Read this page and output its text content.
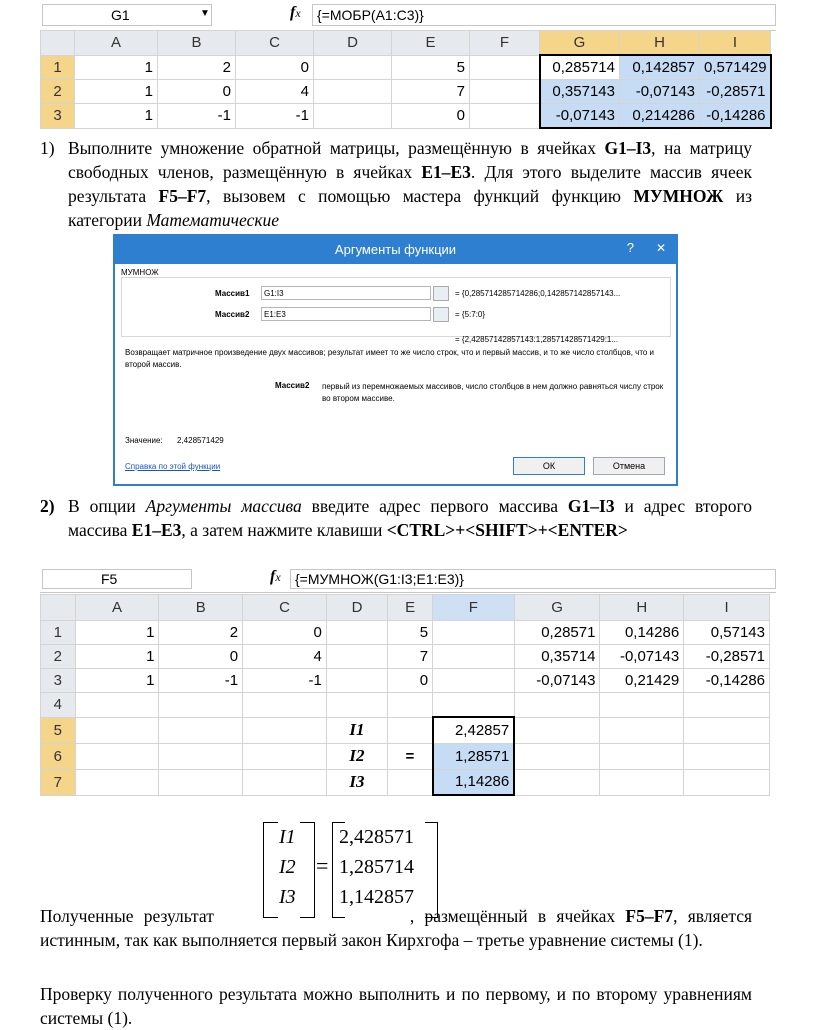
G1	▼	fx	{=МОБР(A1:C3)}
	A	B	C	D	E	F	G	H	I
1	1	2	0		5		0,285714	0,142857	0,571429
2	1	0	4		7		0,357143	-0,07143	-0,28571
3	1	-1	-1		0		-0,07143	0,214286	-0,14286
1) Выполните умножение обратной матрицы, размещённую в ячейках G1–I3, на матрицу свободных членов, размещённую в ячейках E1–E3. Для этого выделите массив ячеек результата F5–F7, вызовем с помощью мастера функций функцию МУМНОЖ из категории Математические
Аргументы функции	? ✕
МУМНОЖ
Массив1	G1:I3	= {0,285714285714286;0,142857142857143...
Массив2	E1:E3	= {5:7:0}
= {2,42857142857143:1,28571428571429:1...
Возвращает матричное произведение двух массивов; результат имеет то же число строк, что и первый массив, и то же число столбцов, что и второй массив.
Массив2 первый из перемножаемых массивов, число столбцов в нем должно равняться числу строк во втором массиве.
Значение: 2,428571429
Справка по этой функции	ОК	Отмена
2) В опции Аргументы массива введите адрес первого массива G1–I3 и адрес второго массива E1–E3, а затем нажмите клавиши <CTRL>+<SHIFT>+<ENTER>
F5	fx	{=МУМНОЖ(G1:I3;E1:E3)}
	A	B	C	D	E	F	G	H	I
1	1	2	0		5		0,28571	0,14286	0,57143
2	1	0	4		7		0,35714	-0,07143	-0,28571
3	1	-1	-1		0		-0,07143	0,21429	-0,14286
4									
5				I1		2,42857			
6				I2	=	1,28571			
7				I3		1,14286			
I1
I2
I3
=
2,428571
1,285714
1,142857
Полученные результат	, размещённый в ячейках F5–F7, является истинным, так как выполняется первый закон Кирхгофа – третье уравнение системы (1).
Проверку полученного результата можно выполнить и по первому, и по второму уравнениям системы (1).
